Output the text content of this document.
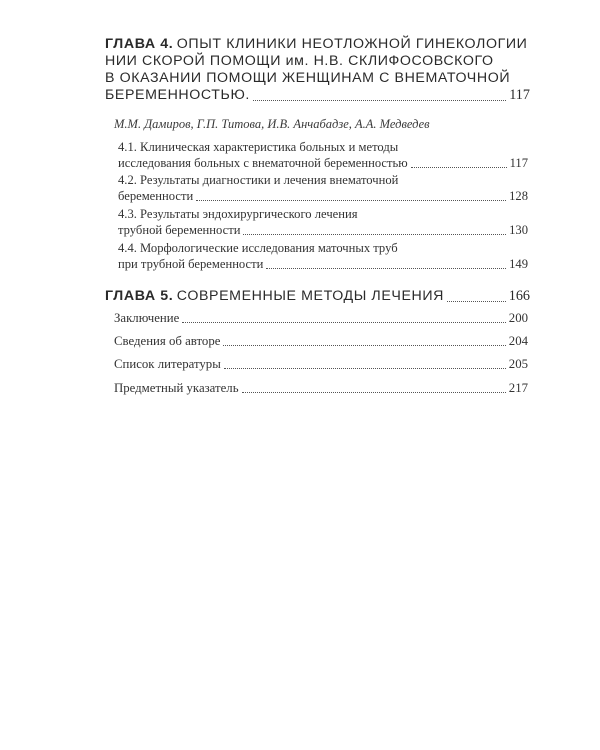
ГЛАВА 4. ОПЫТ КЛИНИКИ НЕОТЛОЖНОЙ ГИНЕКОЛОГИИ
НИИ СКОРОЙ ПОМОЩИ им. Н.В. СКЛИФОСОВСКОГО
В ОКАЗАНИИ ПОМОЩИ ЖЕНЩИНАМ С ВНЕМАТОЧНОЙ
БЕРЕМЕННОСТЬЮ.	117
М.М. Дамиров, Г.П. Титова, И.В. Анчабадзе, А.А. Медведев
4.1. Клиническая характеристика больных и методы
исследования больных с внематочной беременностью	117
4.2. Результаты диагностики и лечения внематочной
беременности	128
4.3. Результаты эндохирургического лечения
трубной беременности	130
4.4. Морфологические исследования маточных труб
при трубной беременности	149
ГЛАВА 5. СОВРЕМЕННЫЕ МЕТОДЫ ЛЕЧЕНИЯ	166
Заключение	200
Сведения об авторе	204
Список литературы	205
Предметный указатель	217
